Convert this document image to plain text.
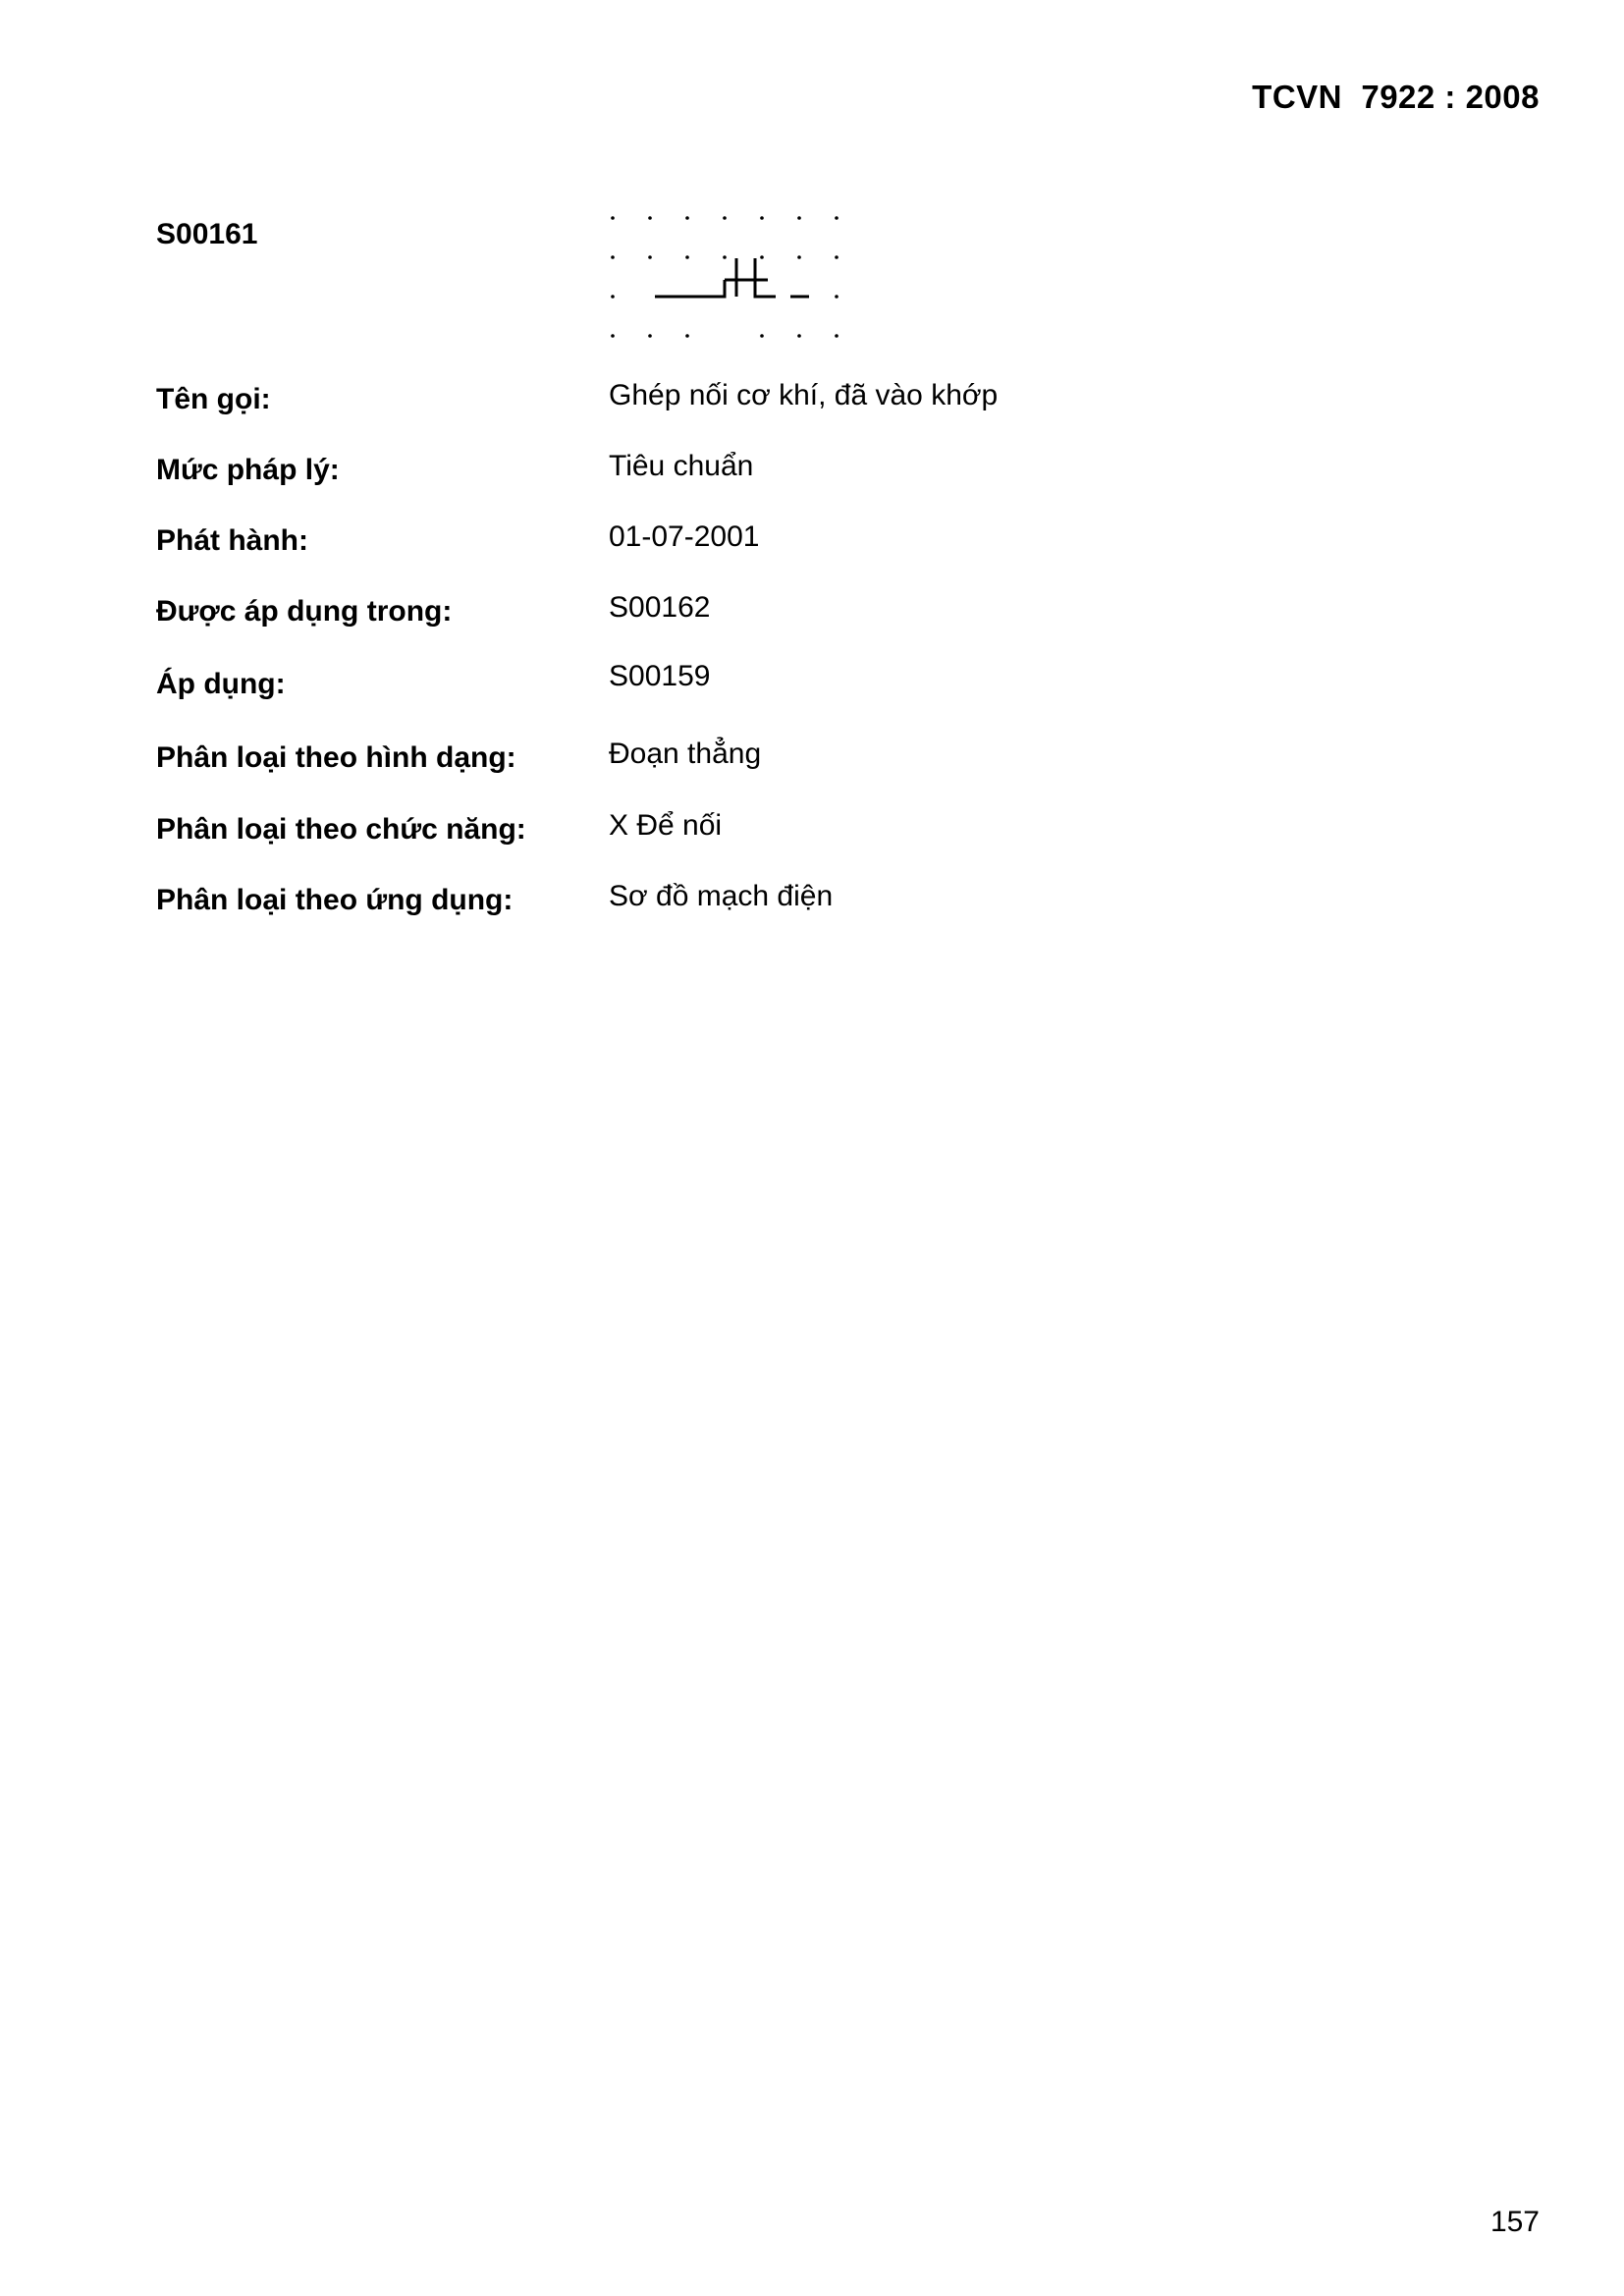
TCVN  7922 : 2008
S00161
Tên gọi:	Ghép nối cơ khí, đã vào khớp
Mức pháp lý:	Tiêu chuẩn
Phát hành:	01-07-2001
Được áp dụng trong:	S00162
Áp dụng:	S00159
Phân loại theo hình dạng:	Đoạn thẳng
Phân loại theo chức năng:	X Để nối
Phân loại theo ứng dụng:	Sơ đồ mạch điện
157
